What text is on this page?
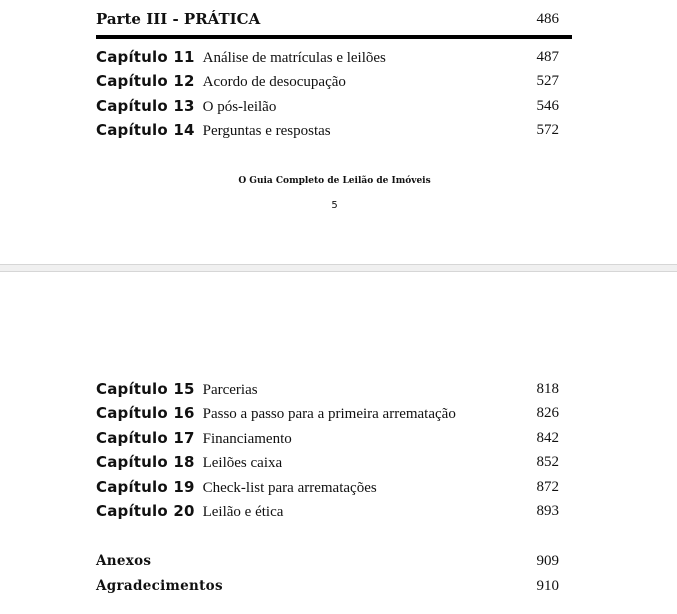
Parte III - PRÁTICA	486
Capítulo 11 Análise de matrículas e leilões	487
Capítulo 12 Acordo de desocupação	527
Capítulo 13 O pós-leilão	546
Capítulo 14 Perguntas e respostas	572
O Guia Completo de Leilão de Imóveis
5
Capítulo 15 Parcerias	818
Capítulo 16 Passo a passo para a primeira arrematação	826
Capítulo 17 Financiamento	842
Capítulo 18 Leilões caixa	852
Capítulo 19 Check-list para arrematações	872
Capítulo 20 Leilão e ética	893
Anexos	909
Agradecimentos	910
